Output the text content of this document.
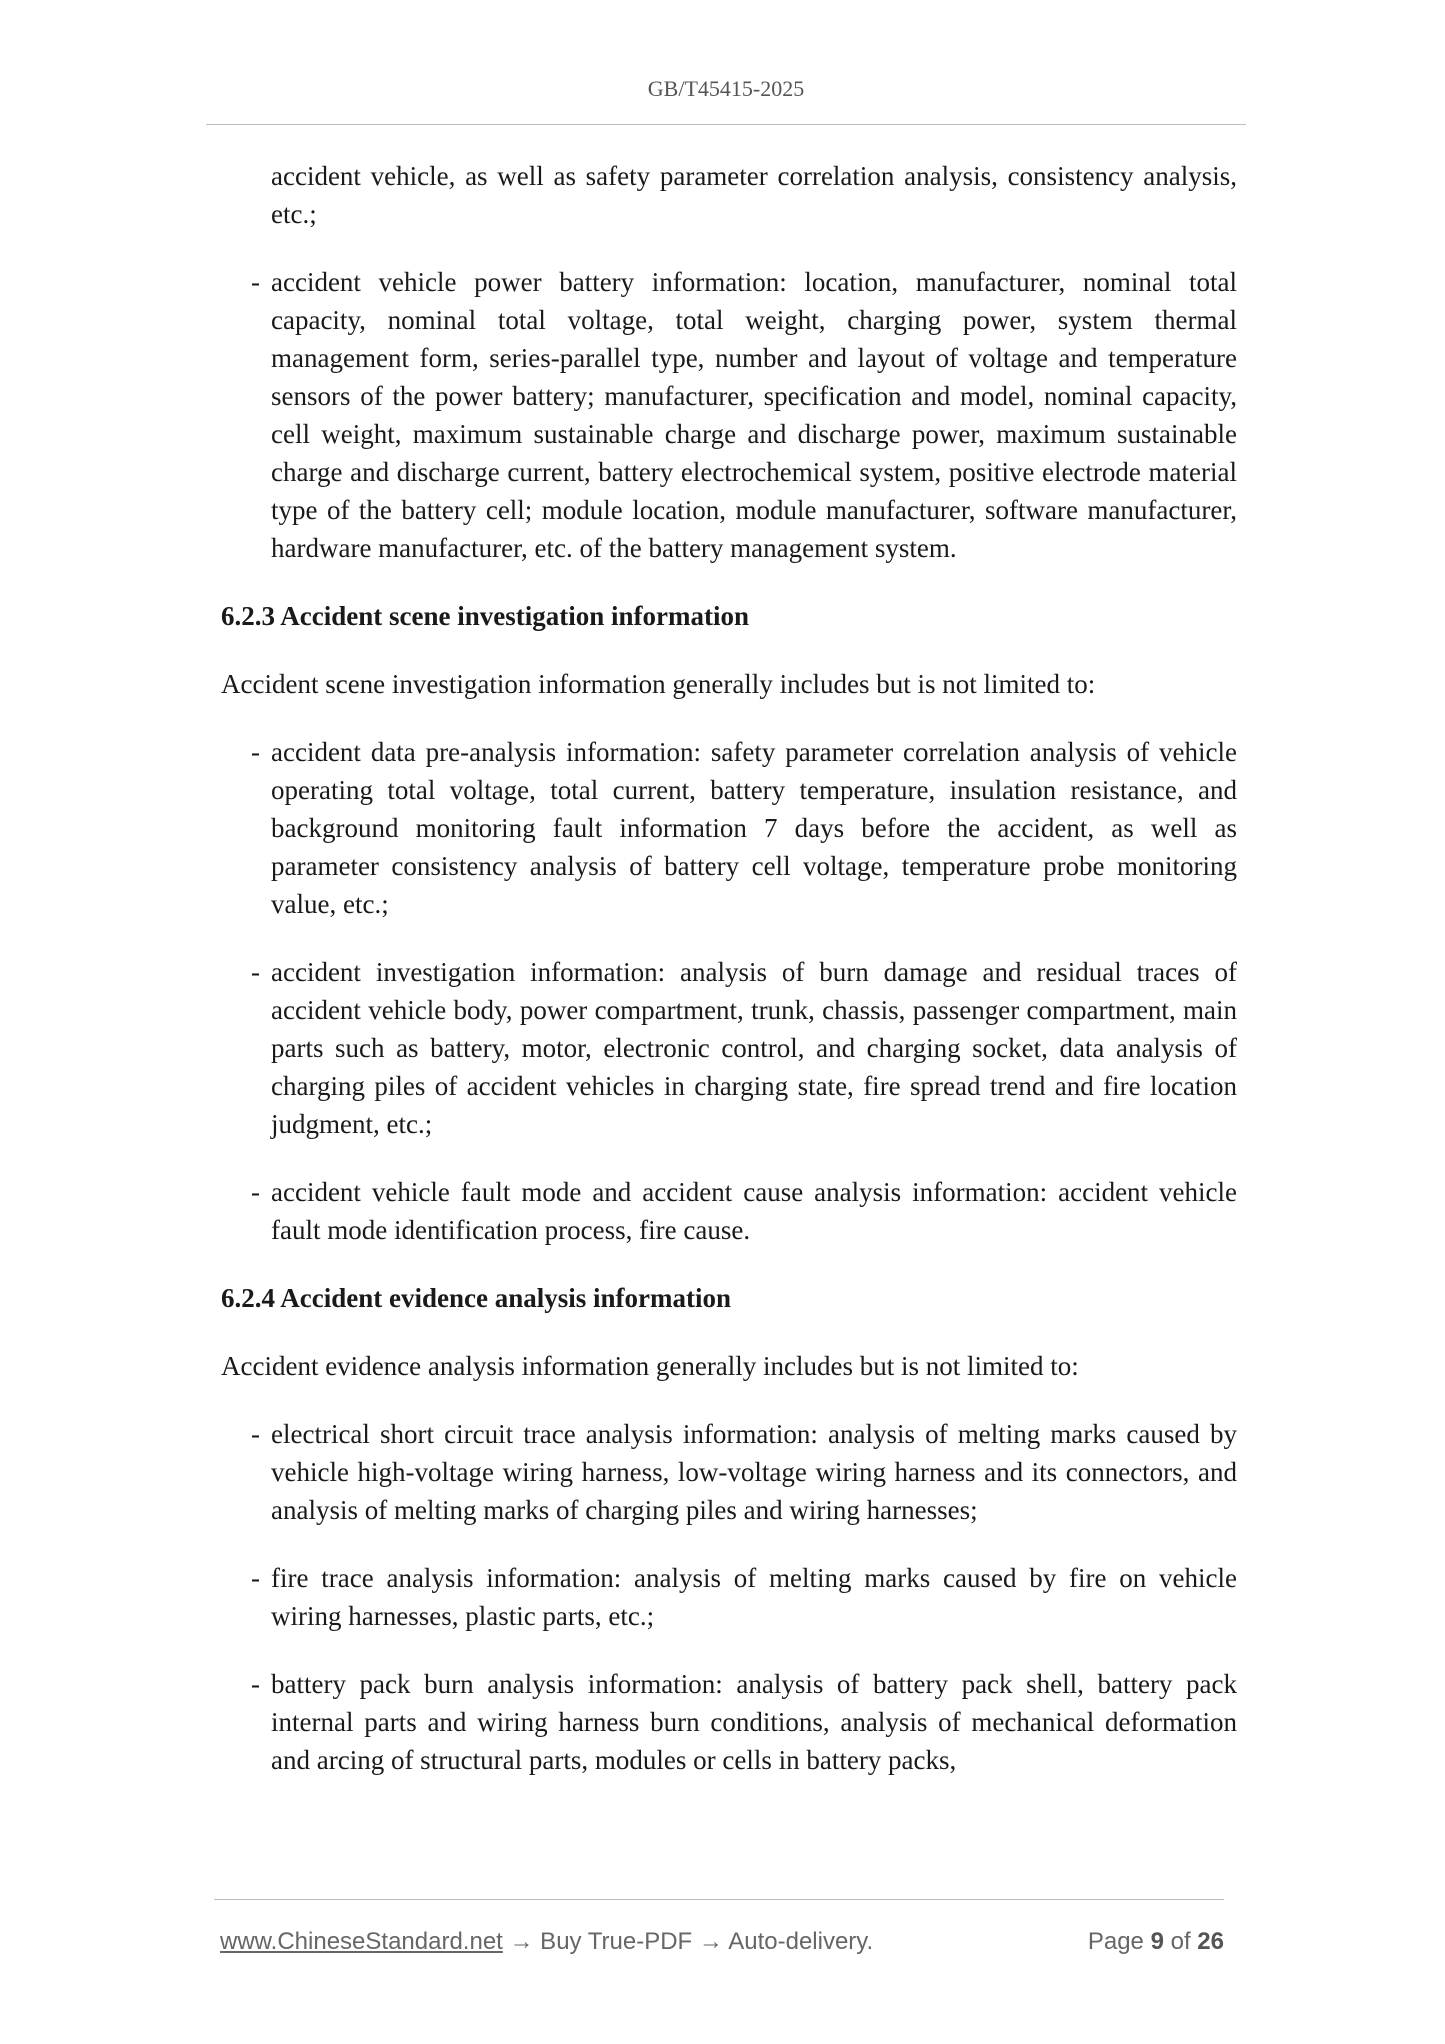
GB/T45415-2025

accident vehicle, as well as safety parameter correlation analysis, consistency analysis, etc.;

- accident vehicle power battery information: location, manufacturer, nominal total capacity, nominal total voltage, total weight, charging power, system thermal management form, series-parallel type, number and layout of voltage and temperature sensors of the power battery; manufacturer, specification and model, nominal capacity, cell weight, maximum sustainable charge and discharge power, maximum sustainable charge and discharge current, battery electrochemical system, positive electrode material type of the battery cell; module location, module manufacturer, software manufacturer, hardware manufacturer, etc. of the battery management system.

6.2.3 Accident scene investigation information

Accident scene investigation information generally includes but is not limited to:

- accident data pre-analysis information: safety parameter correlation analysis of vehicle operating total voltage, total current, battery temperature, insulation resistance, and background monitoring fault information 7 days before the accident, as well as parameter consistency analysis of battery cell voltage, temperature probe monitoring value, etc.;

- accident investigation information: analysis of burn damage and residual traces of accident vehicle body, power compartment, trunk, chassis, passenger compartment, main parts such as battery, motor, electronic control, and charging socket, data analysis of charging piles of accident vehicles in charging state, fire spread trend and fire location judgment, etc.;

- accident vehicle fault mode and accident cause analysis information: accident vehicle fault mode identification process, fire cause.

6.2.4 Accident evidence analysis information

Accident evidence analysis information generally includes but is not limited to:

- electrical short circuit trace analysis information: analysis of melting marks caused by vehicle high-voltage wiring harness, low-voltage wiring harness and its connectors, and analysis of melting marks of charging piles and wiring harnesses;

- fire trace analysis information: analysis of melting marks caused by fire on vehicle wiring harnesses, plastic parts, etc.;

- battery pack burn analysis information: analysis of battery pack shell, battery pack internal parts and wiring harness burn conditions, analysis of mechanical deformation and arcing of structural parts, modules or cells in battery packs,

www.ChineseStandard.net → Buy True-PDF → Auto-delivery.	Page 9 of 26
